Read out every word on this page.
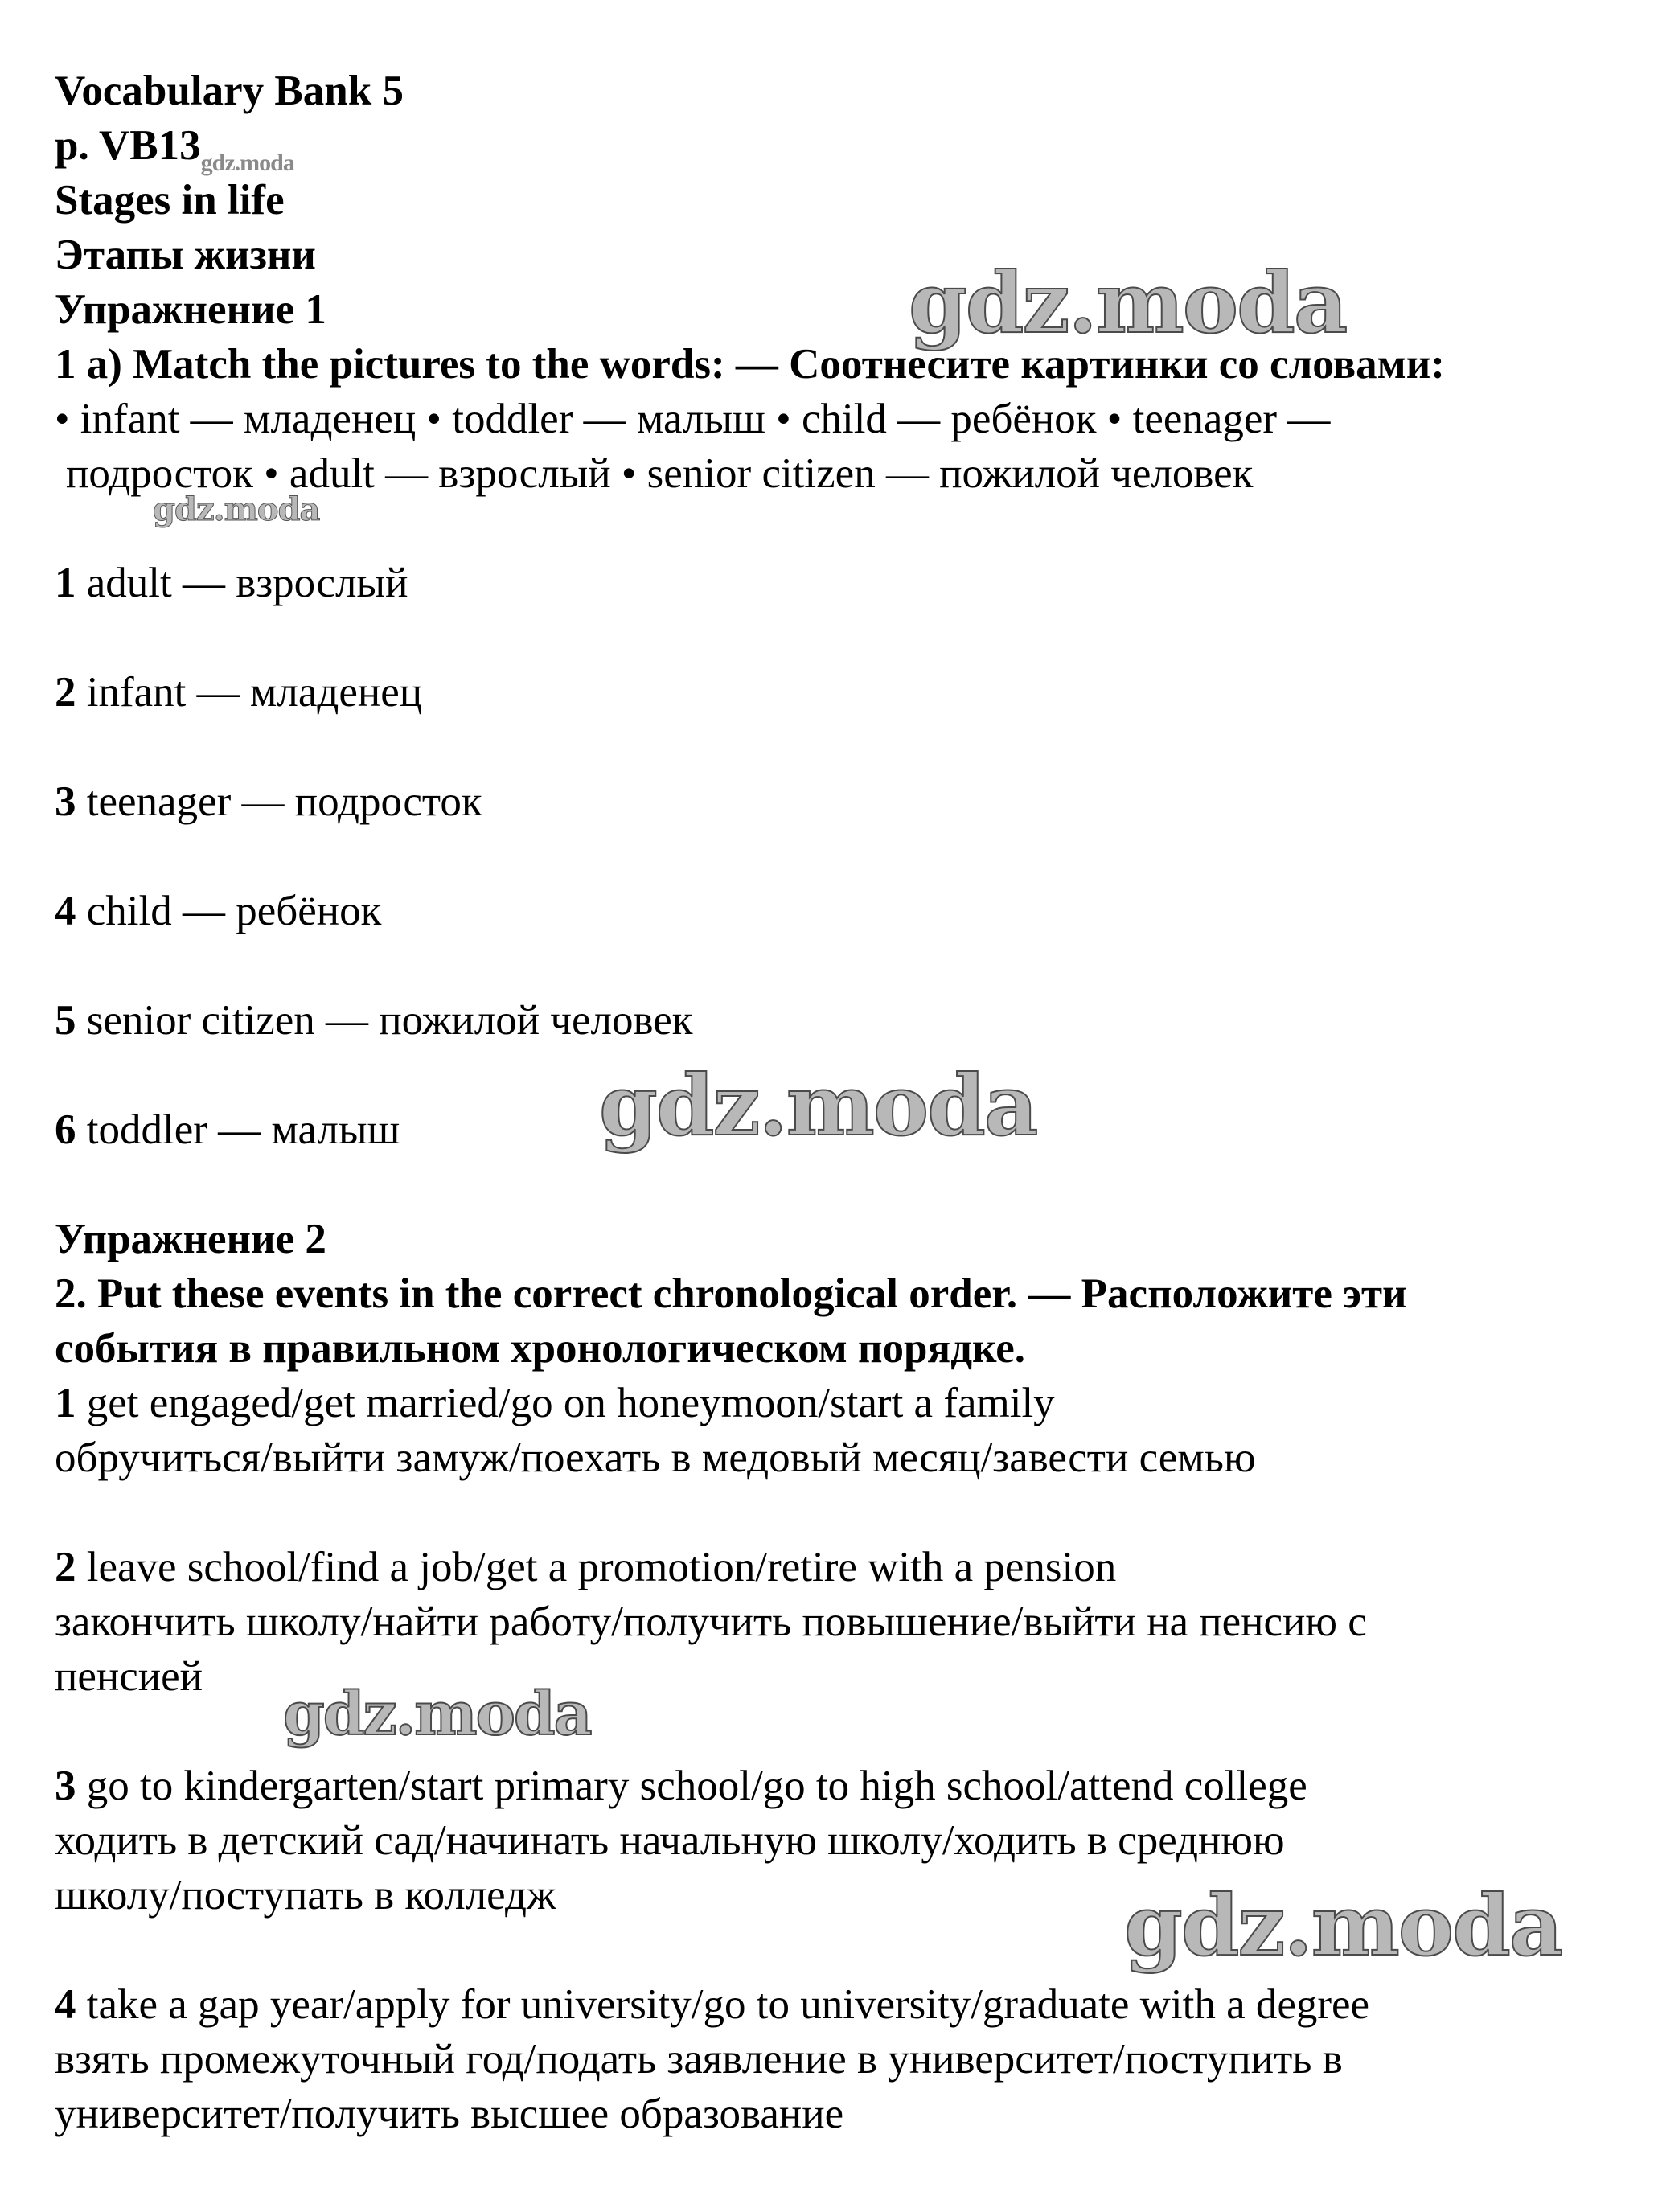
Vocabulary Bank 5
p. $VB13_{gdz.moda}$
Stages in life
Этапы жизни
Упражнение 1
1 a) Match the pictures to the words: — Соотнесите картинки со словами:
• infant — младенец • toddler — малыш • child — ребёнок • teenager —
подросток • adult — взрослый • senior citizen — пожилой человек
1 adult — взрослый
2 infant — младенец
3 teenager — подросток
4 child — ребёнок
5 senior citizen — пожилой человек
6 toddler — малыш
Упражнение 2
2. Put these events in the correct chronological order. — Расположите эти
события в правильном хронологическом порядке.
1 get engaged/get married/go on honeymoon/start a family
обручиться/выйти замуж/поехать в медовый месяц/завести семью
2 leave school/find a job/get a promotion/retire with a pension
закончить школу/найти работу/получить повышение/выйти на пенсию с
пенсией
3 go to kindergarten/start primary school/go to high school/attend college
ходить в детский сад/начинать начальную школу/ходить в среднюю
школу/поступать в колледж
4 take a gap year/apply for university/go to university/graduate with a degree
взять промежуточный год/подать заявление в университет/поступить в
университет/получить высшее образование
gdz.moda
gdz.moda
gdz.moda
gdz.moda
gdz.moda
